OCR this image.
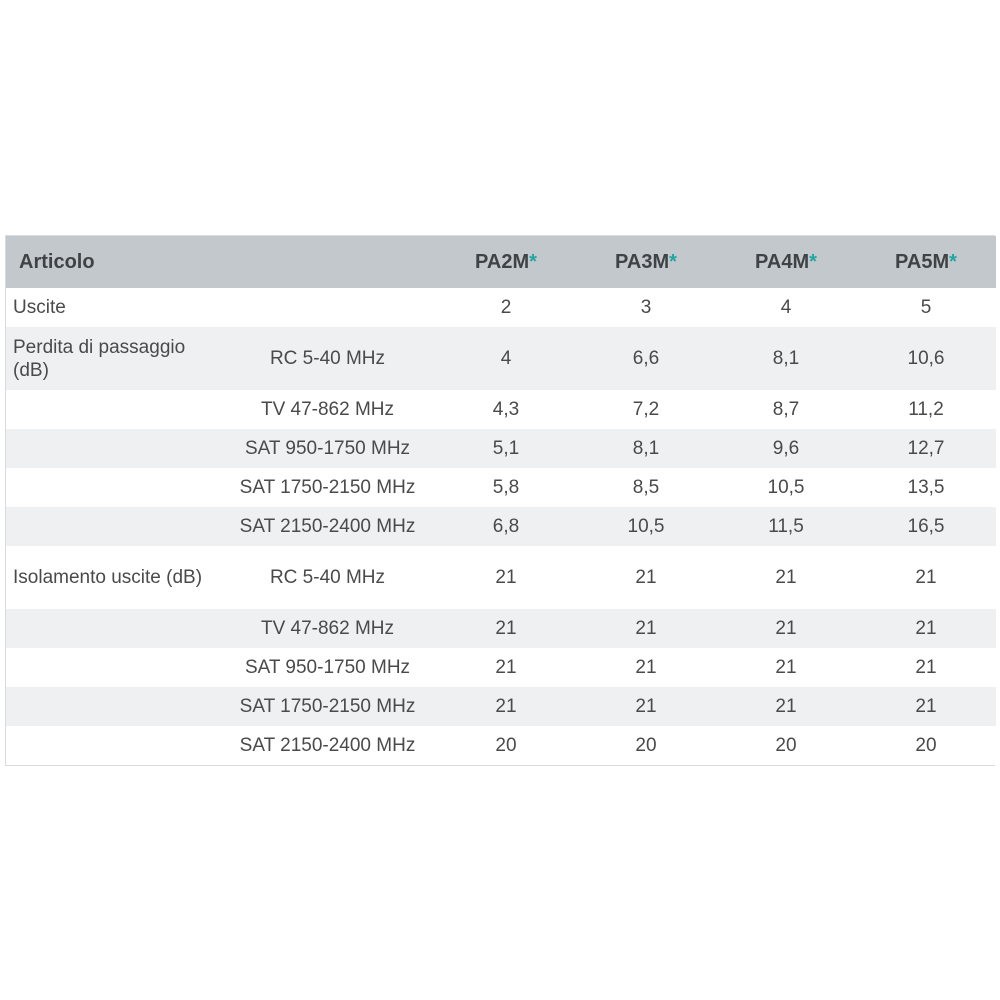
Articolo		PA2M*	PA3M*	PA4M*	PA5M*
Uscite		2	3	4	5
Perdita di passaggio (dB)	RC 5-40 MHz	4	6,6	8,1	10,6
	TV 47-862 MHz	4,3	7,2	8,7	11,2
	SAT 950-1750 MHz	5,1	8,1	9,6	12,7
	SAT 1750-2150 MHz	5,8	8,5	10,5	13,5
	SAT 2150-2400 MHz	6,8	10,5	11,5	16,5
Isolamento uscite (dB)	RC 5-40 MHz	21	21	21	21
	TV 47-862 MHz	21	21	21	21
	SAT 950-1750 MHz	21	21	21	21
	SAT 1750-2150 MHz	21	21	21	21
	SAT 2150-2400 MHz	20	20	20	20
